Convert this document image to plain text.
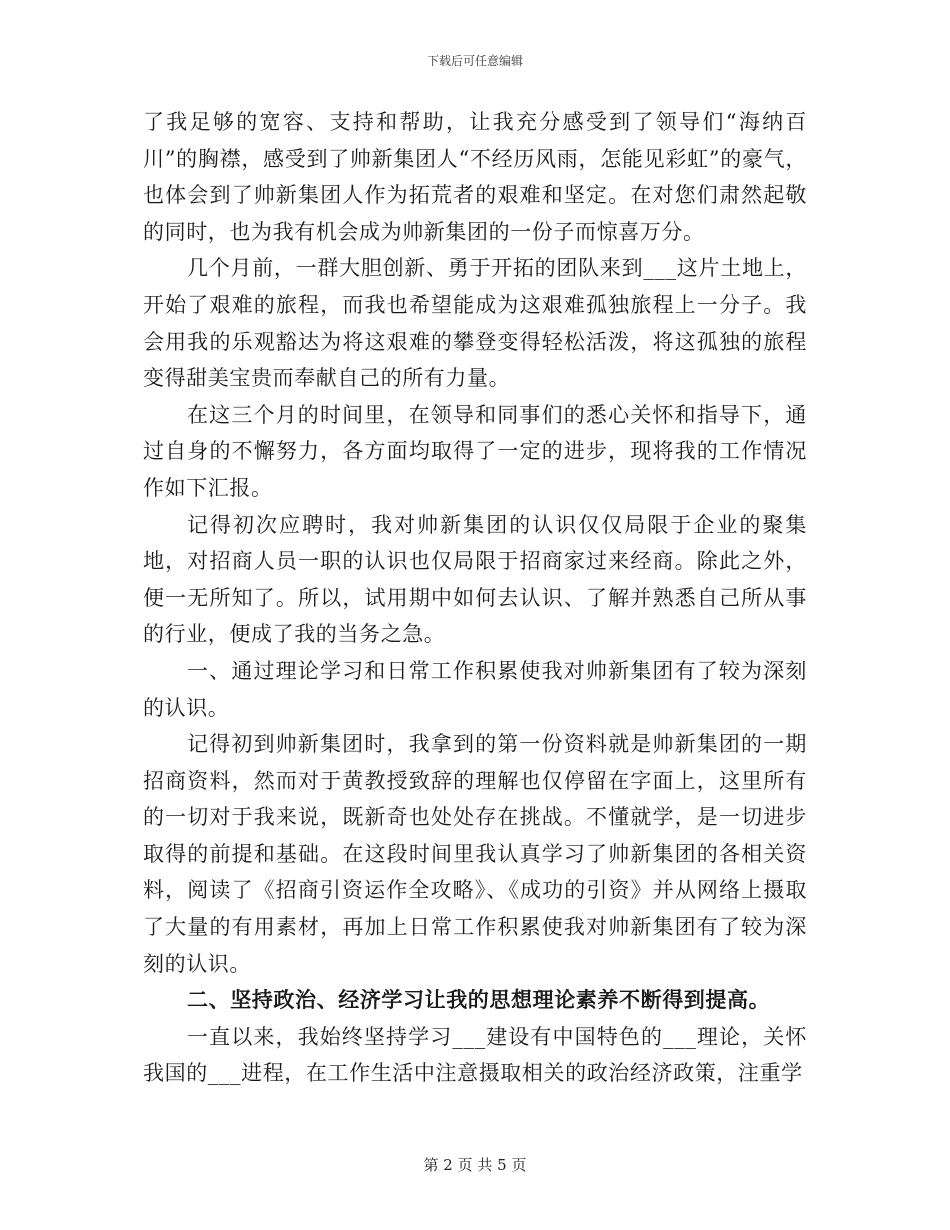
下载后可任意编辑

了我足够的宽容、支持和帮助，让我充分感受到了领导们“海纳百川”的胸襟，感受到了帅新集团人“不经历风雨，怎能见彩虹”的豪气，也体会到了帅新集团人作为拓荒者的艰难和坚定。在对您们肃然起敬的同时，也为我有机会成为帅新集团的一份子而惊喜万分。

几个月前，一群大胆创新、勇于开拓的团队来到___这片土地上，开始了艰难的旅程，而我也希望能成为这艰难孤独旅程上一分子。我会用我的乐观豁达为将这艰难的攀登变得轻松活泼，将这孤独的旅程变得甜美宝贵而奉献自己的所有力量。

在这三个月的时间里，在领导和同事们的悉心关怀和指导下，通过自身的不懈努力，各方面均取得了一定的进步，现将我的工作情况作如下汇报。

记得初次应聘时，我对帅新集团的认识仅仅局限于企业的聚集地，对招商人员一职的认识也仅局限于招商家过来经商。除此之外，便一无所知了。所以，试用期中如何去认识、了解并熟悉自己所从事的行业，便成了我的当务之急。

一、通过理论学习和日常工作积累使我对帅新集团有了较为深刻的认识。

记得初到帅新集团时，我拿到的第一份资料就是帅新集团的一期招商资料，然而对于黄教授致辞的理解也仅停留在字面上，这里所有的一切对于我来说，既新奇也处处存在挑战。不懂就学，是一切进步取得的前提和基础。在这段时间里我认真学习了帅新集团的各相关资料，阅读了《招商引资运作全攻略》、《成功的引资》并从网络上摄取了大量的有用素材，再加上日常工作积累使我对帅新集团有了较为深刻的认识。

二、坚持政治、经济学习让我的思想理论素养不断得到提高。

一直以来，我始终坚持学习___建设有中国特色的___理论，关怀我国的___进程，在工作生活中注意摄取相关的政治经济政策，注重学

第 2 页 共 5 页
